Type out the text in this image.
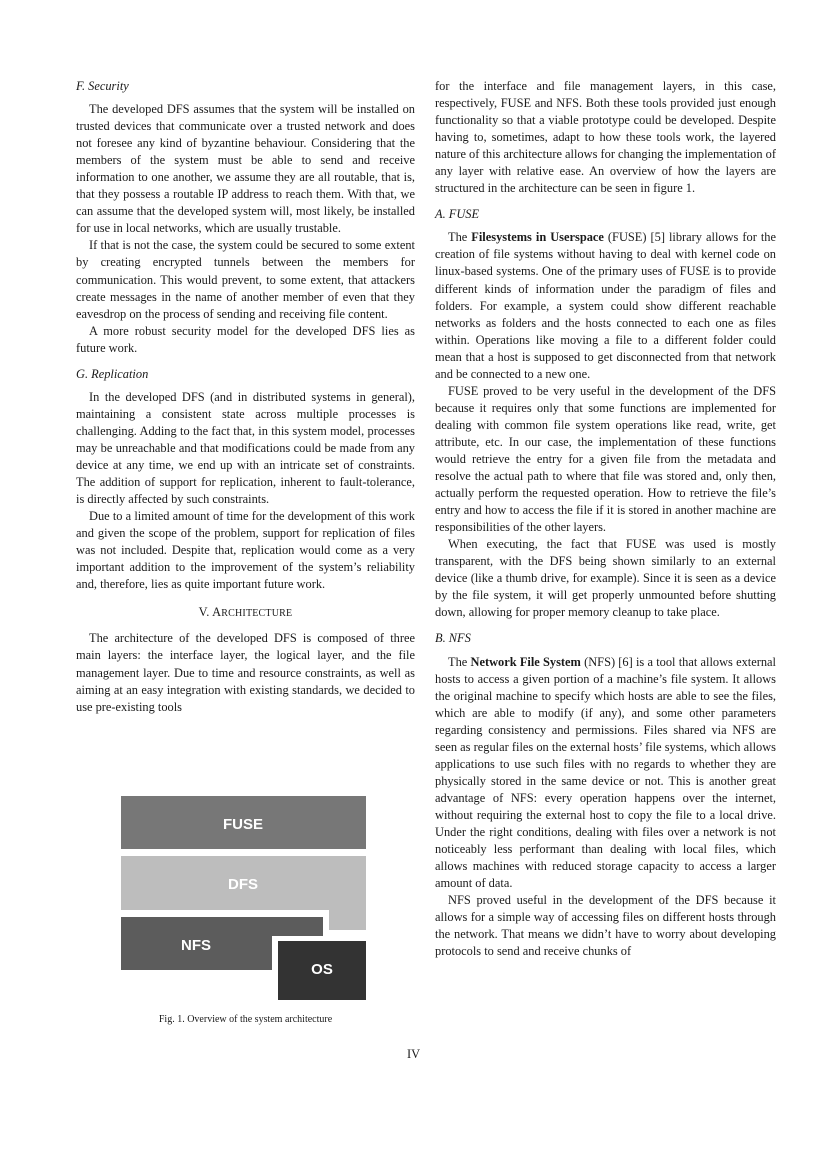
F. Security

The developed DFS assumes that the system will be installed on trusted devices that communicate over a trusted network and does not foresee any kind of byzantine behaviour. Considering that the members of the system must be able to send and receive information to one another, we assume they are all routable, that is, that they possess a routable IP address to reach them. With that, we can assume that the developed system will, most likely, be installed for use in local networks, which are usually trustable.

If that is not the case, the system could be secured to some extent by creating encrypted tunnels between the members for communication. This would prevent, to some extent, that attackers create messages in the name of another member of even that they eavesdrop on the process of sending and receiving file content.

A more robust security model for the developed DFS lies as future work.

G. Replication

In the developed DFS (and in distributed systems in general), maintaining a consistent state across multiple processes is challenging. Adding to the fact that, in this system model, processes may be unreachable and that modifications could be made from any device at any time, we end up with an intricate set of constraints. The addition of support for replication, inherent to fault-tolerance, is directly affected by such constraints.

Due to a limited amount of time for the development of this work and given the scope of the problem, support for replication of files was not included. Despite that, replication would come as a very important addition to the improvement of the system’s reliability and, therefore, lies as quite important future work.

V. ARCHITECTURE

The architecture of the developed DFS is composed of three main layers: the interface layer, the logical layer, and the file management layer. Due to time and resource constraints, as well as aiming at an easy integration with existing standards, we decided to use pre-existing tools

FUSE
DFS
NFS
OS
Fig. 1. Overview of the system architecture

for the interface and file management layers, in this case, respectively, FUSE and NFS. Both these tools provided just enough functionality so that a viable prototype could be developed. Despite having to, sometimes, adapt to how these tools work, the layered nature of this architecture allows for changing the implementation of any layer with relative ease. An overview of how the layers are structured in the architecture can be seen in figure 1.

A. FUSE

The Filesystems in Userspace (FUSE) [5] library allows for the creation of file systems without having to deal with kernel code on linux-based systems. One of the primary uses of FUSE is to provide different kinds of information under the paradigm of files and folders. For example, a system could show different reachable networks as folders and the hosts connected to each one as files within. Operations like moving a file to a different folder could mean that a host is supposed to get disconnected from that network and be connected to a new one.

FUSE proved to be very useful in the development of the DFS because it requires only that some functions are implemented for dealing with common file system operations like read, write, get attribute, etc. In our case, the implementation of these functions would retrieve the entry for a given file from the metadata and resolve the actual path to where that file was stored and, only then, actually perform the requested operation. How to retrieve the file’s entry and how to access the file if it is stored in another machine are responsibilities of the other layers.

When executing, the fact that FUSE was used is mostly transparent, with the DFS being shown similarly to an external device (like a thumb drive, for example). Since it is seen as a device by the file system, it will get properly unmounted before shutting down, allowing for proper memory cleanup to take place.

B. NFS

The Network File System (NFS) [6] is a tool that allows external hosts to access a given portion of a machine’s file system. It allows the original machine to specify which hosts are able to see the files, which are able to modify (if any), and some other parameters regarding consistency and permissions. Files shared via NFS are seen as regular files on the external hosts’ file systems, which allows applications to use such files with no regards to whether they are physically stored in the same device or not. This is another great advantage of NFS: every operation happens over the internet, without requiring the external host to copy the file to a local drive. Under the right conditions, dealing with files over a network is not noticeably less performant than dealing with local files, which allows machines with reduced storage capacity to access a larger amount of data.

NFS proved useful in the development of the DFS because it allows for a simple way of accessing files on different hosts through the network. That means we didn’t have to worry about developing protocols to send and receive chunks of

IV
